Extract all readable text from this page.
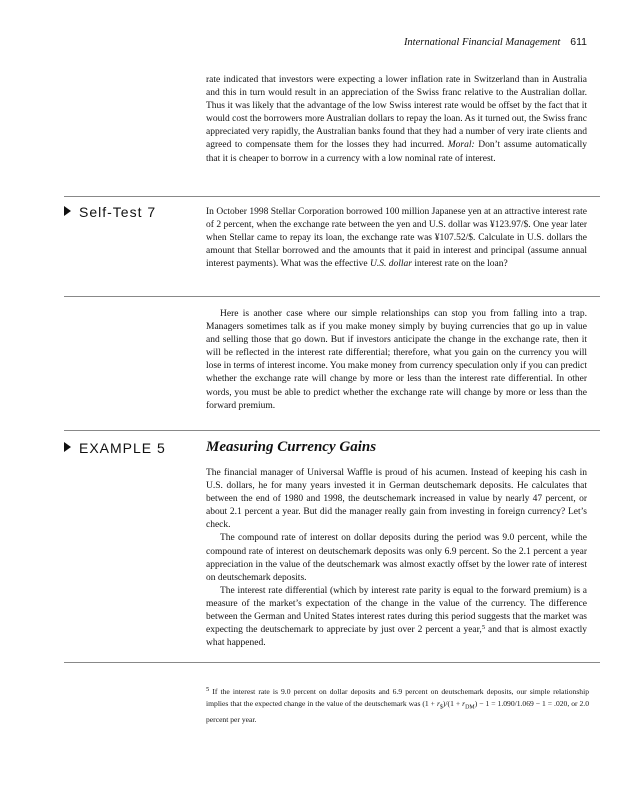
International Financial Management 611

rate indicated that investors were expecting a lower inflation rate in Switzerland than in Australia and this in turn would result in an appreciation of the Swiss franc relative to the Australian dollar. Thus it was likely that the advantage of the low Swiss interest rate would be offset by the fact that it would cost the borrowers more Australian dollars to repay the loan. As it turned out, the Swiss franc appreciated very rapidly, the Australian banks found that they had a number of very irate clients and agreed to compensate them for the losses they had incurred. Moral: Don’t assume automatically that it is cheaper to borrow in a currency with a low nominal rate of interest.

Self-Test 7	In October 1998 Stellar Corporation borrowed 100 million Japanese yen at an attractive interest rate of 2 percent, when the exchange rate between the yen and U.S. dollar was ¥123.97/$. One year later when Stellar came to repay its loan, the exchange rate was ¥107.52/$. Calculate in U.S. dollars the amount that Stellar borrowed and the amounts that it paid in interest and principal (assume annual interest payments). What was the effective U.S. dollar interest rate on the loan?

Here is another case where our simple relationships can stop you from falling into a trap. Managers sometimes talk as if you make money simply by buying currencies that go up in value and selling those that go down. But if investors anticipate the change in the exchange rate, then it will be reflected in the interest rate differential; therefore, what you gain on the currency you will lose in terms of interest income. You make money from currency speculation only if you can predict whether the exchange rate will change by more or less than the interest rate differential. In other words, you must be able to predict whether the exchange rate will change by more or less than the forward premium.

EXAMPLE 5	Measuring Currency Gains

The financial manager of Universal Waffle is proud of his acumen. Instead of keeping his cash in U.S. dollars, he for many years invested it in German deutschemark deposits. He calculates that between the end of 1980 and 1998, the deutschemark increased in value by nearly 47 percent, or about 2.1 percent a year. But did the manager really gain from investing in foreign currency? Let’s check.

The compound rate of interest on dollar deposits during the period was 9.0 percent, while the compound rate of interest on deutschemark deposits was only 6.9 percent. So the 2.1 percent a year appreciation in the value of the deutschemark was almost exactly offset by the lower rate of interest on deutschemark deposits.

The interest rate differential (which by interest rate parity is equal to the forward premium) is a measure of the market’s expectation of the change in the value of the currency. The difference between the German and United States interest rates during this period suggests that the market was expecting the deutschemark to appreciate by just over 2 percent a year,$^5$ and that is almost exactly what happened.

$^5$ If the interest rate is 9.0 percent on dollar deposits and 6.9 percent on deutschemark deposits, our simple relationship implies that the expected change in the value of the deutschemark was $(1 + r_{\$})/(1 + r_{DM}) - 1 = 1.090/1.069 - 1 = .020$, or 2.0 percent per year.
